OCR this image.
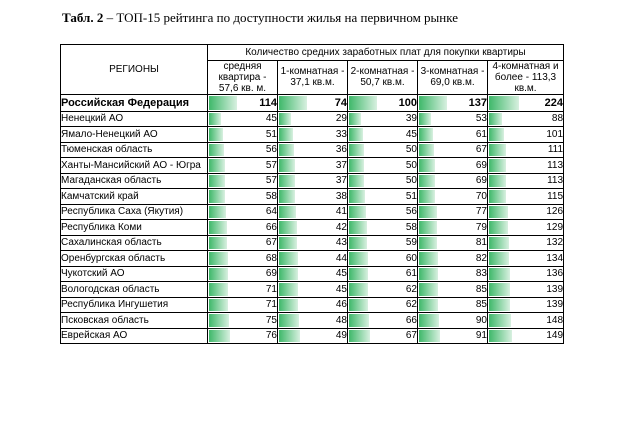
Табл. 2 – ТОП-15 рейтинга по доступности жилья на первичном рынке
РЕГИОНЫ	Количество средних заработных плат для покупки квартиры				
	средняя квартира - 57,6 кв. м.	1-комнатная - 37,1 кв.м.	2-комнатная - 50,7 кв.м.	3-комнатная - 69,0 кв.м.	4-комнатная и более - 113,3 кв.м.
Российская Федерация	114	74	100	137	224
Ненецкий АО	45	29	39	53	88
Ямало-Ненецкий АО	51	33	45	61	101
Тюменская область	56	36	50	67	111
Ханты-Мансийский АО - Югра	57	37	50	69	113
Магаданская область	57	37	50	69	113
Камчатский край	58	38	51	70	115
Республика Саха (Якутия)	64	41	56	77	126
Республика Коми	66	42	58	79	129
Сахалинская область	67	43	59	81	132
Оренбургская область	68	44	60	82	134
Чукотский АО	69	45	61	83	136
Вологодская область	71	45	62	85	139
Республика Ингушетия	71	46	62	85	139
Псковская область	75	48	66	90	148
Еврейская АО	76	49	67	91	149
